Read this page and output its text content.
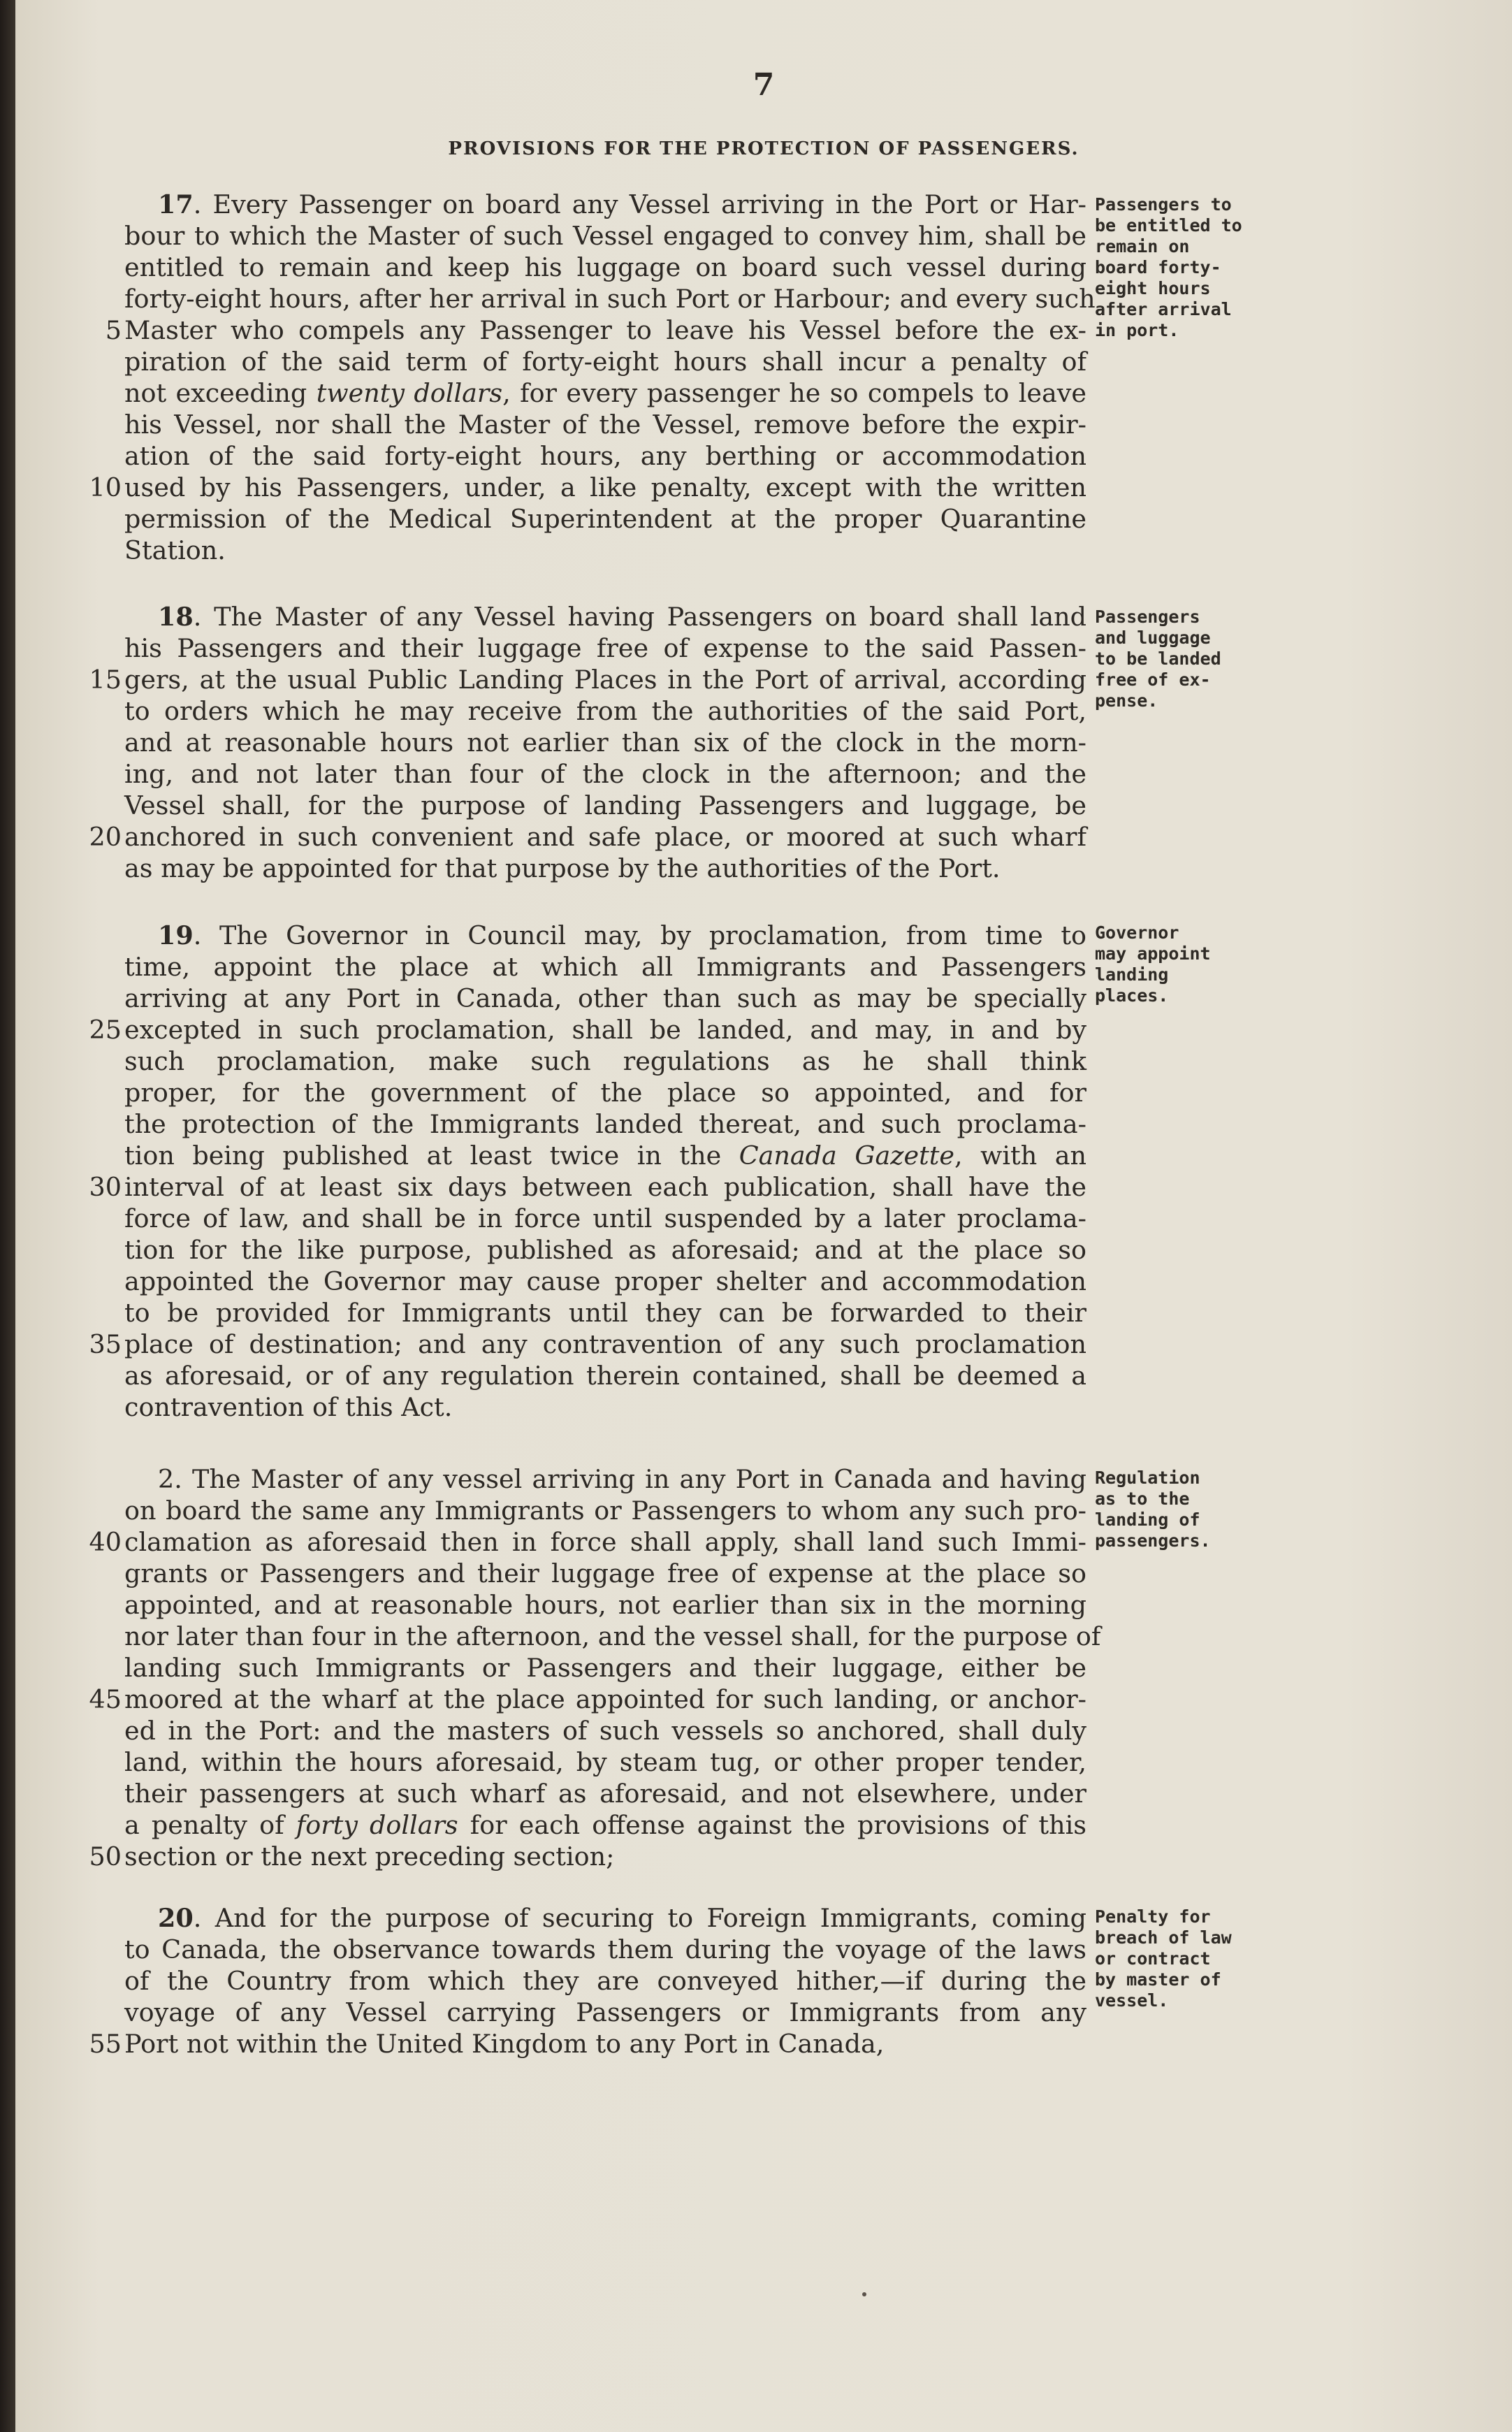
7
PROVISIONS FOR THE PROTECTION OF PASSENGERS.
17. Every Passenger on board any Vessel arriving in the Port or Har-
bour to which the Master of such Vessel engaged to convey him, shall be
entitled to remain and keep his luggage on board such vessel during
forty-eight hours, after her arrival in such Port or Harbour; and every such
5 Master who compels any Passenger to leave his Vessel before the ex-
piration of the said term of forty-eight hours shall incur a penalty of
not exceeding twenty dollars, for every passenger he so compels to leave
his Vessel, nor shall the Master of the Vessel, remove before the expir-
ation of the said forty-eight hours, any berthing or accommodation
10 used by his Passengers, under, a like penalty, except with the written
permission of the Medical Superintendent at the proper Quarantine
Station.
Passengers to
be entitled to
remain on
board forty-
eight hours
after arrival
in port.
18. The Master of any Vessel having Passengers on board shall land
his Passengers and their luggage free of expense to the said Passen-
15 gers, at the usual Public Landing Places in the Port of arrival, according
to orders which he may receive from the authorities of the said Port,
and at reasonable hours not earlier than six of the clock in the morn-
ing, and not later than four of the clock in the afternoon; and the
Vessel shall, for the purpose of landing Passengers and luggage, be
20 anchored in such convenient and safe place, or moored at such wharf
as may be appointed for that purpose by the authorities of the Port.
Passengers
and luggage
to be landed
free of ex-
pense.
19. The Governor in Council may, by proclamation, from time to
time, appoint the place at which all Immigrants and Passengers
arriving at any Port in Canada, other than such as may be specially
25 excepted in such proclamation, shall be landed, and may, in and by
such proclamation, make such regulations as he shall think
proper, for the government of the place so appointed, and for
the protection of the Immigrants landed thereat, and such proclama-
tion being published at least twice in the Canada Gazette, with an
30 interval of at least six days between each publication, shall have the
force of law, and shall be in force until suspended by a later proclama-
tion for the like purpose, published as aforesaid; and at the place so
appointed the Governor may cause proper shelter and accommodation
to be provided for Immigrants until they can be forwarded to their
35 place of destination; and any contravention of any such proclamation
as aforesaid, or of any regulation therein contained, shall be deemed a
contravention of this Act.
Governor
may appoint
landing
places.
2. The Master of any vessel arriving in any Port in Canada and having
on board the same any Immigrants or Passengers to whom any such pro-
40 clamation as aforesaid then in force shall apply, shall land such Immi-
grants or Passengers and their luggage free of expense at the place so
appointed, and at reasonable hours, not earlier than six in the morning
nor later than four in the afternoon, and the vessel shall, for the purpose of
landing such Immigrants or Passengers and their luggage, either be
45 moored at the wharf at the place appointed for such landing, or anchor-
ed in the Port: and the masters of such vessels so anchored, shall duly
land, within the hours aforesaid, by steam tug, or other proper tender,
their passengers at such wharf as aforesaid, and not elsewhere, under
a penalty of forty dollars for each offense against the provisions of this
50 section or the next preceding section;
Regulation
as to the
landing of
passengers.
20. And for the purpose of securing to Foreign Immigrants, coming
to Canada, the observance towards them during the voyage of the laws
of the Country from which they are conveyed hither,—if during the
voyage of any Vessel carrying Passengers or Immigrants from any
55 Port not within the United Kingdom to any Port in Canada,
Penalty for
breach of law
or contract
by master of
vessel.
